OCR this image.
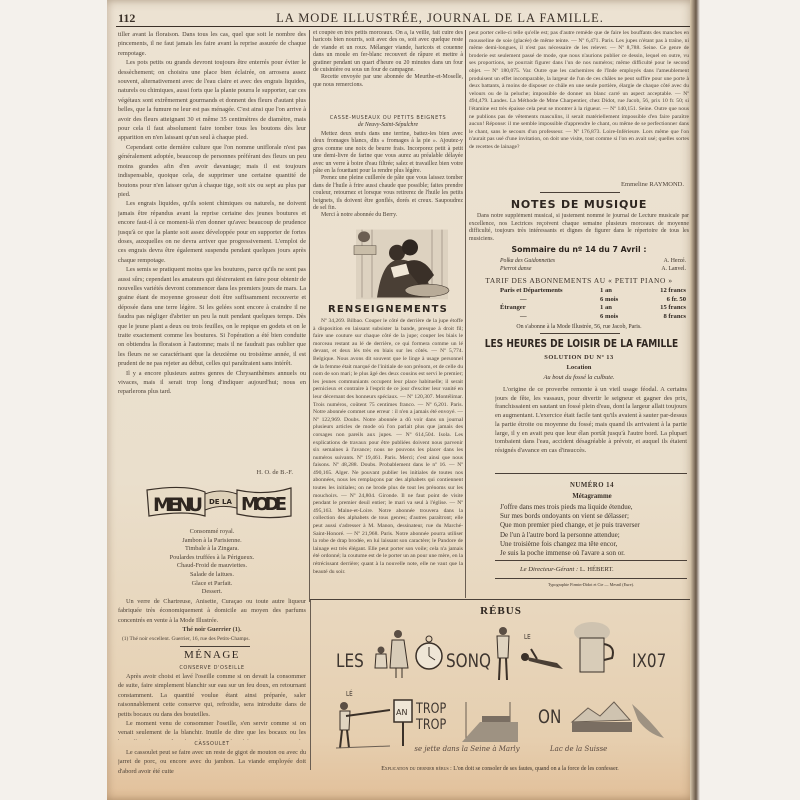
112	LA MODE ILLUSTRÉE, JOURNAL DE LA FAMILLE.

tiller avant la floraison. Dans tous les cas, quel que soit le nombre des pincements, il ne faut jamais les faire avant la reprise assurée de chaque rempotage.

Les pots petits ou grands devront toujours être enterrés pour éviter le dessèchement; on choisira une place bien éclairée, on arrosera assez souvent, alternativement avec de l'eau claire et avec des engrais liquides, naturels ou chimiques, aussi forts que la plante pourra le supporter, car ces végétaux sont extrêmement gourmands et donnent des fleurs d'autant plus belles, que la fumure ne leur est pas ménagée. C'est ainsi que l'on arrive à avoir des fleurs atteignant 30 et même 35 centimètres de diamètre, mais pour cela il faut absolument faire tomber tous les boutons dès leur apparition en n'en laissant qu'un seul à chaque pied.

Cependant cette dernière culture que l'on nomme uniflorale n'est pas généralement adoptée, beaucoup de personnes préférant des fleurs un peu moins grandes afin d'en avoir davantage; mais il est toujours indispensable, quoique cela, de supprimer une certaine quantité de boutons pour n'en laisser qu'un à chaque tige, soit six ou sept au plus par pied.

Les engrais liquides, qu'ils soient chimiques ou naturels, ne doivent jamais être répandus avant la reprise certaine des jeunes boutures et encore faut-il à ce moment-là n'en donner qu'avec beaucoup de prudence jusqu'à ce que la plante soit assez développée pour en supporter de fortes doses, auxquelles on ne devra arriver que progressivement. L'emploi de ces engrais devra être également suspendu pendant quelques jours après chaque rempotage.

Les semis se pratiquent moins que les boutures, parce qu'ils ne sont pas aussi sûrs; cependant les amateurs qui désireraient en faire pour obtenir de nouvelles variétés devront commencer dans les premiers jours de mars. La graine étant de moyenne grosseur doit être suffisamment recouverte et déposée dans une terre légère. Si les gelées sont encore à craindre il ne faudra pas négliger d'abriter un peu la nuit pendant quelques temps. Dès que le jeune plant a deux ou trois feuilles, on le repique en godets et on le traite exactement comme les boutures. Si l'opération a été bien conduite on obtiendra la floraison à l'automne; mais il ne faudrait pas oublier que les fleurs ne se caractérisant que la deuxième ou troisième année, il est prudent de ne pas rejeter au début, celles qui paraîtraient sans intérêt.

Il y a encore plusieurs autres genres de Chrysanthèmes annuels ou vivaces, mais il serait trop long d'indiquer aujourd'hui; nous en reparlerons plus tard.

H. O. de B.-F.
MENU DE LA MODE
Consommé royal.
Jambon à la Parisienne.
Timbale à la Zingara.
Poulardes truffées à la Périgueux.
Chaud-Froid de mauviettes.
Salade de laitues.
Glace et Parfait.
Dessert.

Un verre de Chartreuse, Anisette, Curaçao ou toute autre liqueur fabriquée très économiquement à domicile au moyen des parfums concentrés en vente à la Mode Illustrée.

Thé noir Guerrier (1).
(1) Thé noir excellent. Guerrier, 16, rue des Petits-Champs.
MÉNAGE
CONSERVE D'OSEILLE

Après avoir choisi et lavé l'oseille comme si on devait la consommer de suite, faire simplement blanchir sur eau sur un feu doux, en retournant constamment. La quantité voulue étant ainsi préparée, saler raisonnablement cette conserve qui, refroidie, sera introduite dans de petits bocaux ou dans des bouteilles.

Le moment venu de consommer l'oseille, s'en servir comme si on venait seulement de la blanchir. Inutile de dire que les bocaux ou les

CASSOULET

Le cassoulet peut se faire avec un reste de gigot de mouton ou avec du jarret de porc, ou encore avec du jambon. La viande employée doit d'abord avoir été cuite

et coupée en très petits morceaux. On a, la veille, fait cuire des haricots bien nourris, soit avec des os, soit avec quelque reste de viande et un roux. Mélanger viande, haricots et couenne dans un moule en fer-blanc recouvert de râpure et mettre à gratiner pendant un quart d'heure ou 20 minutes dans un four de cuisinière ou sous un four de campagne.

Recette envoyée par une abonnée de Meurthe-et-Moselle, que nous remercions.

CASSE-MUSEAUX OU PETITS BEIGNETS
de Neuvy-Saint-Sépulchre

Mettez deux œufs dans une terrine, battez-les bien avec deux fromages blancs, dits « fromages à la pie ». Ajoutez-y gros comme une noix de beurre frais. Incorporez petit à petit une demi-livre de farine que vous aurez au préalable délayée avec un verre à boire d'eau filtrée; salez et travaillez bien votre pâte en la fouettant pour la rendre plus légère.

Prenez une pleine cuillerée de pâte que vous laissez tomber dans de l'huile à frire aussi chaude que possible; faites prendre couleur, retournez et lorsque vous retirerez de l'huile les petits beignets, ils doivent être gonflés, dorés et creux. Saupoudrez de sel fin.

Merci à notre abonnée du Berry.

RENSEIGNEMENTS

Nº 34,269. Bilbao. Couper le côté de derrière de la jupe étoffe à disposition en laissant subsister la bande, presque à droit fil; faire une couture sur chaque côté de la jupe; couper les biais le morceau restant au lé de derrière, ce qui formera comme un lé devant, et deux lés très en biais sur les côtés. — Nº 5,774. Belgique. Nous avons dit souvent que le linge à usage personnel de la femme était marqué de l'initiale de son prénom, et de celle du nom de son mari; le plus âgé des deux cousins est servi le premier; les jeunes communiants occupent leur place habituelle; il serait pernicieux et contraire à l'esprit de ce jour d'exciter leur vanité en leur décernant des honneurs spéciaux. — Nº 120,307. Montélimar. Trois numéros, coûtent 75 centimes franco. — Nº 6,201. Paris. Notre abonnée commet une erreur : il n'en a jamais été envoyé. — Nº 122,969. Doubs. Notre abonnée a dû voir dans un journal plusieurs articles de mode où l'on parlait plus que jamais des corsages non pareils aux jupes. — Nº 614,504. Isola. Les explications de travaux pour être publiées doivent nous parvenir six semaines à l'avance; nous ne pouvons les placer dans les numéros suivants. Nº 19,461. Paris. Merci; c'est ainsi que nous faisons. Nº 48,288. Doubs. Probablement dans le nº 16. — Nº 490,165. Alger. Ne pouvant publier les initiales de toutes nos abonnées, nous les remplaçons par des alphabets qui contiennent toutes les initiales; on ne brode plus de tout les prénoms sur les mouchoirs. — Nº 24,804. Gironde. Il ne faut point de visite pendant le premier deuil entier; le mari va seul à l'église. — Nº 495,163. Maine-et-Loire. Notre abonnée trouvera dans la collection des alphabets de tous genres; d'autres paraîtront; elle peut aussi s'adresser à M. Manon, dessinateur, rue du Marché-Saint-Honoré. — Nº 21,968. Paris. Notre abonnée pourra utiliser la robe de drap brodée, en lui laissant son caractère; le Pandore de lainage est très élégant. Elle peut porter son voile; cela n'a jamais été ordonné; la coutume est de le porter un an pour une mère, en la rétrécissant derrière; quant à la nouvelle note, elle ne vaut que la beauté du soir.

peut porter celle-ci telle qu'elle est; pas d'autre remède que de faire les bouffants des manches en mousseline de soie (glacée) de même teinte. — Nº 6,471. Paris. Les jupes n'étant pas à traîne, ni même demi-longues, il n'est pas nécessaire de les relever. — Nº 8,788. Seine. Ce genre de broderie est seulement passé de mode, que nous n'aurions publier ce dessin, lequel en outre, vu ses proportions, ne pourrait figurer dans l'un de nos numéros; même difficulté pour le second objet. — Nº 180,075. Var. Outre que les cachemires de l'Inde employés dans l'ameublement produisent un effet incomparable, la largeur de l'un de ces châles ne peut suffire pour une porte à deux battants, à moins de disposer ce châle en une seule portière, élargie de chaque côté avec du velours ou de la peluche; impossible de donner un blanc carré un aspect acceptable. — Nº 494,479. Landes. La Méthode de Mme Charpentier, chez Didot, rue Jacob, 56, prix 10 fr. 50; si l'étamine est très épaisse cela peut se montrer à la rigueur. — Nº 140,151. Seine. Outre que nous ne publions pas de vêtements masculins, il serait matériellement impossible d'en faire paraître aucun! Réponse: il me semble impossible d'apprendre le chant, ou même de se perfectionner dans le chant, sans le secours d'un professeur. — Nº 176,873. Loire-Inférieure. Lors même que l'on n'aurait pas usé d'une invitation, on doit une visite, tout comme si l'on en avait usé; quelles sortes de recettes de lainage?

Emmeline RAYMOND.
NOTES DE MUSIQUE

Dans notre supplément musical, si justement nommé le journal de Lecture musicale par excellence, nos Lectrices reçoivent chaque semaine plusieurs morceaux de moyenne difficulté, toujours très intéressants et dignes de figurer dans le répertoire de tous les musiciens.

Sommaire du nº 14 du 7 Avril :
Polka des Guidonnettes	A. Herzé.
Pierrot danse	A. Lanvel.
TARIF DES ABONNEMENTS AU « PETIT PIANO »
Paris et Départements	1 an	12 francs
—	6 mois	6 fr. 50
Étranger	1 an	15 francs
—	6 mois	8 francs
On s'abonne à la Mode Illustrée, 56, rue Jacob, Paris.
LES HEURES DE LOISIR DE LA FAMILLE
SOLUTION DU Nº 13
Location
Au bout du fossé la culbute.

L'origine de ce proverbe remonte à un vieil usage féodal. A certains jours de fête, les vassaux, pour divertir le seigneur et gagner des prix, franchissaient en sautant un fossé plein d'eau, dont la largeur allait toujours en augmentant. L'exercice était facile tant qu'ils avaient à sauter par-dessus la partie étroite ou moyenne du fossé; mais quand ils arrivaient à la partie large, il y en avait peu que leur élan portât jusqu'à l'autre bord. La plupart tombaient dans l'eau, accident désagréable à prévoir, et auquel ils étaient résignés d'avance en cas d'insuccès.

NUMÉRO 14
Métagramme
J'offre dans mes trois pieds ma liquide étendue,
Sur mes bords ondoyants on vient se délasser;
Que mon premier pied change, et je puis traverser
De l'un à l'autre bord la personne attendue;
Une troisième fois changez ma tête encor,
Je suis la poche immense où l'avare a son or.
Le Directeur-Gérant : L. HÉBERT.
Typographie Firmin-Didot et Cie — Mesnil (Eure).
RÉBUS
LES	SONQ
LE
IX07
LÉ
AN TROP
TROP	ON
se jette dans la Seine à Marly	Lac de la Suisse
Explication du dernier rébus : L'on doit se consoler de ses fautes, quand on a la force de les confesser.
